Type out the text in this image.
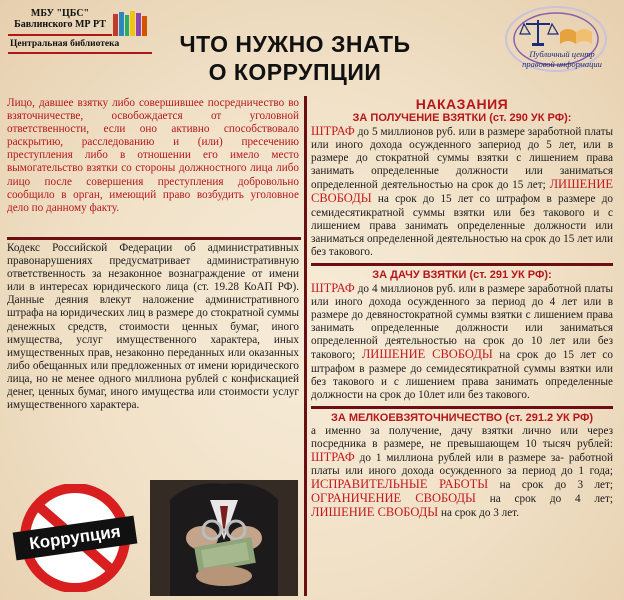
МБУ "ЦБС"
Бавлинского МР РТ
Центральная библиотека	ЧТО НУЖНО ЗНАТЬ
О КОРРУПЦИИ
Публичный центр
правовой информации

Лицо, давшее взятку либо совершившее посредничество во взяточничестве, освобождается от уголовной ответственности, если оно активно способствовало раскрытию, расследованию и (или) пресечению преступления либо в отношении его имело место вымогательство взятки со стороны должностного лица либо лицо после совершения преступления добровольно сообщило в орган, имеющий право возбудить уголовное дело по данному факту.

Кодекс Российской Федерации об административных правонарушениях предусматривает административную ответственность за незаконное вознаграждение от имени или в интересах юридического лица (ст. 19.28 КоАП РФ). Данные деяния влекут наложение административного штрафа на юридических лиц в размере до стократной суммы денежных средств, стоимости ценных бумаг, иного имущества, услуг имущественного характера, иных имущественных прав, незаконно переданных или оказанных либо обещанных или предложенных от имени юридического лица, но не менее одного миллиона рублей с конфискацией денег, ценных бумаг, иного имущества или стоимости услуг имущественного характера.

НАКАЗАНИЯ
ЗА ПОЛУЧЕНИЕ ВЗЯТКИ (ст. 290 УК РФ):

ШТРАФ до 5 миллионов руб. или в размере заработной платы или иного дохода осужденного запериод до 5 лет, или в размере до стократной суммы взятки с лишением права занимать определенные должности или заниматься определенной деятельностью на срок до 15 лет; ЛИШЕНИЕ СВОБОДЫ на срок до 15 лет со штрафом в размере до семидесятикратной суммы взятки или без такового и с лишением права занимать определенные должности или заниматься определенной деятельностью на срок до 15 лет или без такового.

ЗА ДАЧУ ВЗЯТКИ (ст. 291 УК РФ):

ШТРАФ до 4 миллионов руб. или в размере заработной платы или иного дохода осужденного за период до 4 лет или в размере до девяностократной суммы взятки с лишением права занимать определенные должности или заниматься определенной деятельностью на срок до 10 лет или без такового; ЛИШЕНИЕ СВОБОДЫ на срок до 15 лет со штрафом в размере до семидесятикратной суммы взятки или без такового и с лишением права занимать определенные должности на срок до 10лет или без такового.

ЗА МЕЛКОЕВЗЯТОЧНИЧЕСТВО (ст. 291.2 УК РФ)

а именно за получение, дачу взятки лично или через посредника в размере, не превышающем 10 тысяч рублей: ШТРАФ до 1 миллиона рублей или в размере за- работной платы или иного дохода осужденного за период до 1 года; ИСПРАВИТЕЛЬНЫЕ РАБОТЫ на срок до 3 лет; ОГРАНИЧЕНИЕ СВОБОДЫ на срок до 4 лет; ЛИШЕНИЕ СВОБОДЫ на срок до 3 лет.

Коррупция
